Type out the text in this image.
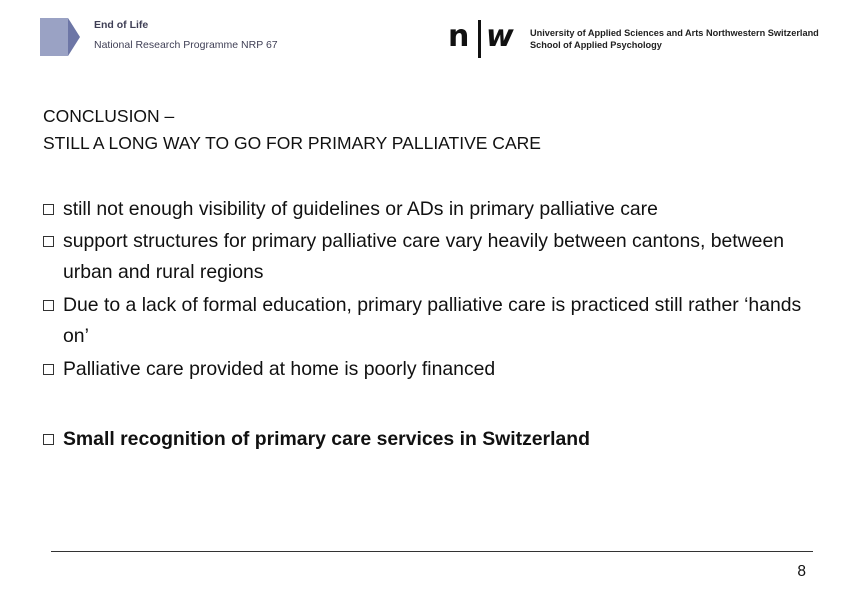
End of Life
National Research Programme NRP 67	n w University of Applied Sciences and Arts Northwestern Switzerland
School of Applied Psychology
CONCLUSION –
STILL A LONG WAY TO GO FOR PRIMARY PALLIATIVE CARE
still not enough visibility of guidelines or ADs in primary palliative care
support structures for primary palliative care vary heavily between cantons, between urban and rural regions
Due to a lack of formal education, primary palliative care is practiced still rather ‘hands on’
Palliative care provided at home is poorly financed
Small recognition of primary care services in Switzerland
8
